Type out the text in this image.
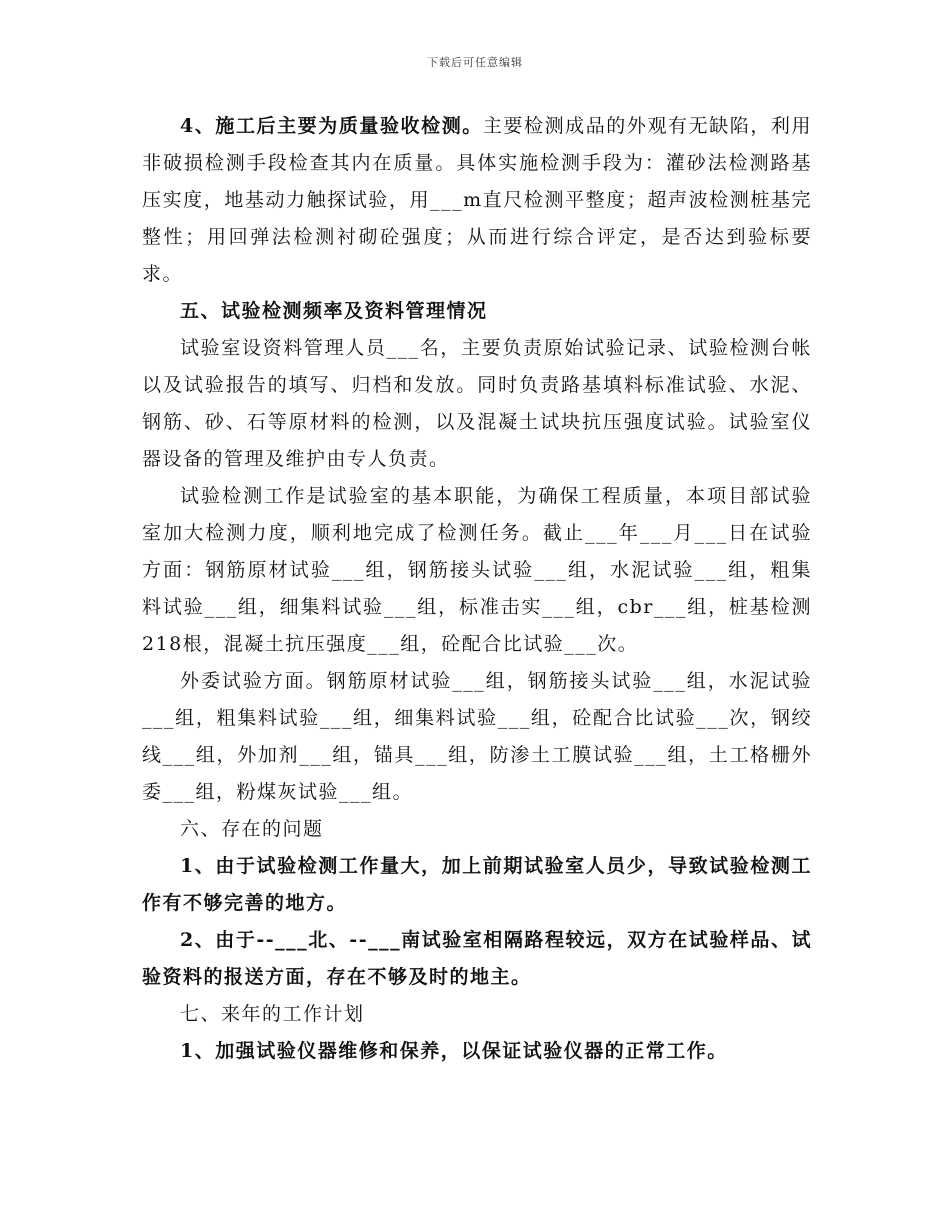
下载后可任意编辑

4、施工后主要为质量验收检测。主要检测成品的外观有无缺陷，利用非破损检测手段检查其内在质量。具体实施检测手段为：灌砂法检测路基压实度，地基动力触探试验，用___m直尺检测平整度；超声波检测桩基完整性；用回弹法检测衬砌砼强度；从而进行综合评定，是否达到验标要求。

五、试验检测频率及资料管理情况

试验室设资料管理人员___名，主要负责原始试验记录、试验检测台帐以及试验报告的填写、归档和发放。同时负责路基填料标准试验、水泥、钢筋、砂、石等原材料的检测，以及混凝土试块抗压强度试验。试验室仪器设备的管理及维护由专人负责。

试验检测工作是试验室的基本职能，为确保工程质量，本项目部试验室加大检测力度，顺利地完成了检测任务。截止___年___月___日在试验方面：钢筋原材试验___组，钢筋接头试验___组，水泥试验___组，粗集料试验___组，细集料试验___组，标准击实___组，cbr___组，桩基检测218根，混凝土抗压强度___组，砼配合比试验___次。

外委试验方面。钢筋原材试验___组，钢筋接头试验___组，水泥试验___组，粗集料试验___组，细集料试验___组，砼配合比试验___次，钢绞线___组，外加剂___组，锚具___组，防渗土工膜试验___组，土工格栅外委___组，粉煤灰试验___组。

六、存在的问题

1、由于试验检测工作量大，加上前期试验室人员少，导致试验检测工作有不够完善的地方。

2、由于--___北、--___南试验室相隔路程较远，双方在试验样品、试验资料的报送方面，存在不够及时的地主。

七、来年的工作计划

1、加强试验仪器维修和保养，以保证试验仪器的正常工作。
